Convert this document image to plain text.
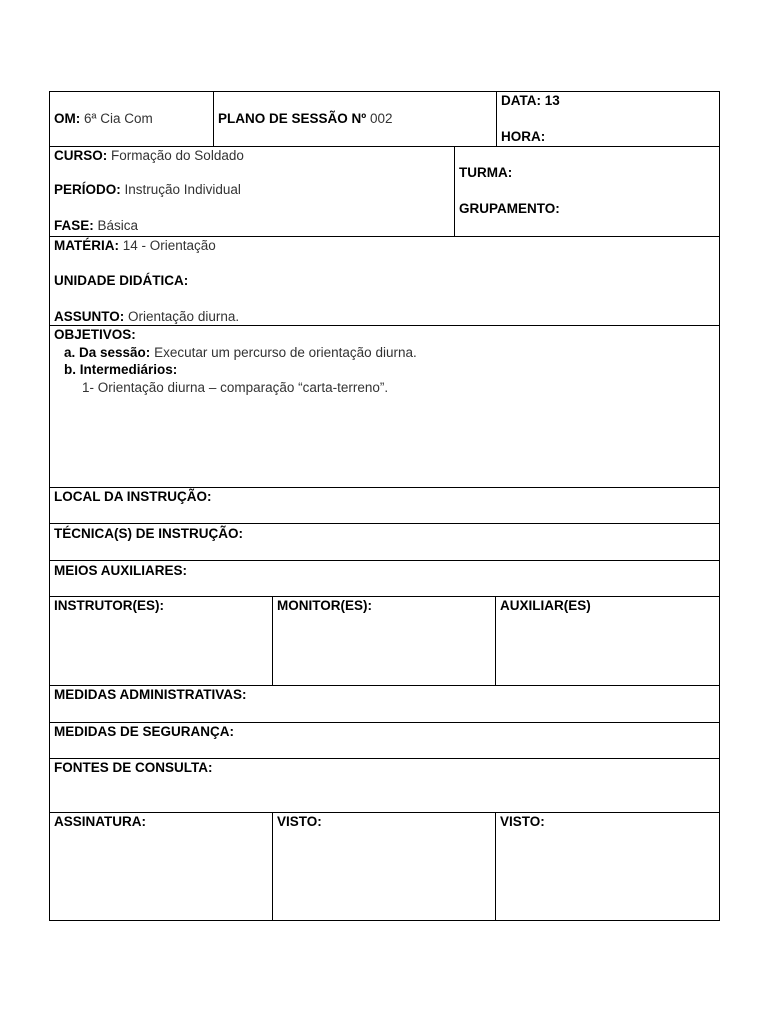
OM: 6ª Cia Com	PLANO DE SESSÃO Nº 002
DATA: 13
HORA:
CURSO: Formação do Soldado
PERÍODO: Instrução Individual
FASE: Básica
TURMA:
GRUPAMENTO:
MATÉRIA: 14 - Orientação
UNIDADE DIDÁTICA:
ASSUNTO: Orientação diurna.
OBJETIVOS:
a. Da sessão: Executar um percurso de orientação diurna.
b. Intermediários:
1- Orientação diurna – comparação “carta-terreno”.
LOCAL DA INSTRUÇÃO:
TÉCNICA(S) DE INSTRUÇÃO:
MEIOS AUXILIARES:
INSTRUTOR(ES):	MONITOR(ES):	AUXILIAR(ES)
MEDIDAS ADMINISTRATIVAS:
MEDIDAS DE SEGURANÇA:
FONTES DE CONSULTA:
ASSINATURA:	VISTO:	VISTO:
